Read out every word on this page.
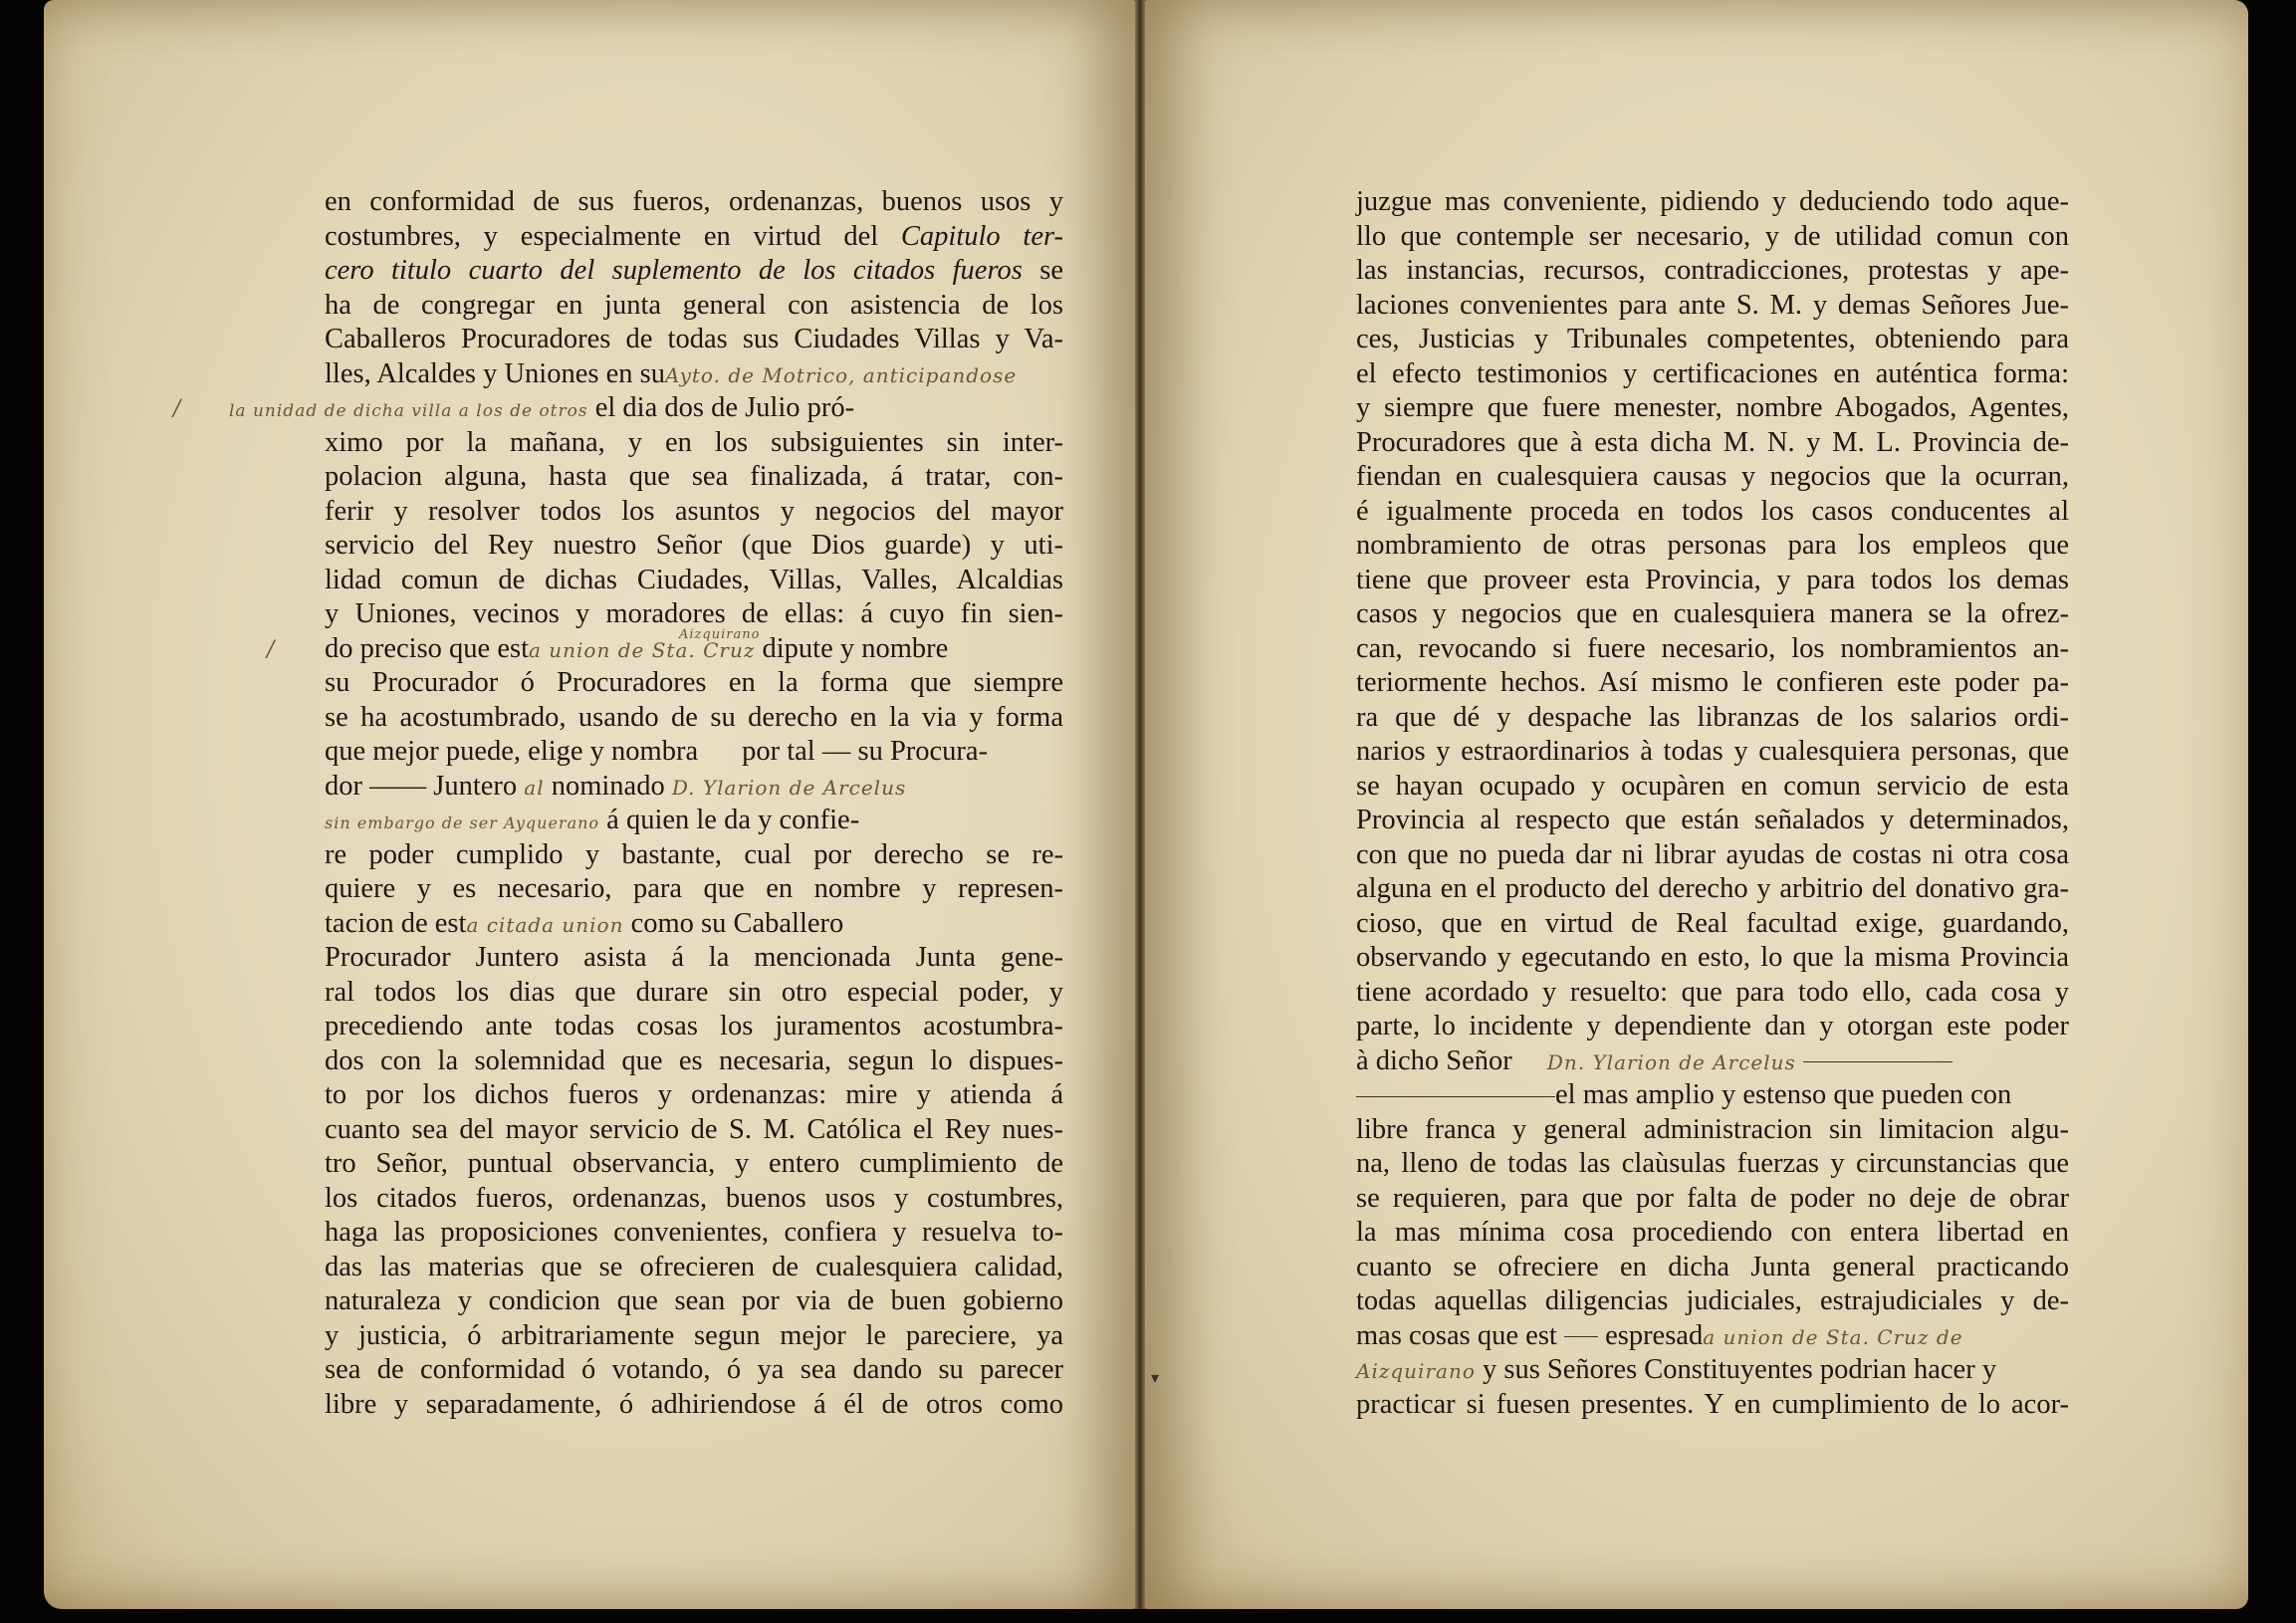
en conformidad de sus fueros, ordenanzas, buenos usos y
costumbres, y especialmente en virtud del Capitulo ter-
cero titulo cuarto del suplemento de los citados fueros se
ha de congregar en junta general con asistencia de los
Caballeros Procuradores de todas sus Ciudades Villas y Va-
lles, Alcaldes y Uniones en suAyto. de Motrico, anticipandose
la unidad de dicha villa a los de otros el dia dos de Julio pró-
ximo por la mañana, y en los subsiguientes sin inter-
polacion alguna, hasta que sea finalizada, á tratar, con-
ferir y resolver todos los asuntos y negocios del mayor
servicio del Rey nuestro Señor (que Dios guarde) y uti-
lidad comun de dichas Ciudades, Villas, Valles, Alcaldias
y Uniones, vecinos y moradores de ellas: á cuyo fin sien-
do preciso que esta union de Sta. Cruz
Aizquirano dipute y nombre
su Procurador ó Procuradores en la forma que siempre
se ha acostumbrado, usando de su derecho en la via y forma
que mejor puede, elige y nombra por tal — su Procura-
dor —— Juntero al nominado D. Ylarion de Arcelus
sin embargo de ser Ayquerano á quien le da y confie-
re poder cumplido y bastante, cual por derecho se re-
quiere y es necesario, para que en nombre y represen-
tacion de esta citada union como su Caballero
Procurador Juntero asista á la mencionada Junta gene-
ral todos los dias que durare sin otro especial poder, y
precediendo ante todas cosas los juramentos acostumbra-
dos con la solemnidad que es necesaria, segun lo dispues-
to por los dichos fueros y ordenanzas: mire y atienda á
cuanto sea del mayor servicio de S. M. Católica el Rey nues-
tro Señor, puntual observancia, y entero cumplimiento de
los citados fueros, ordenanzas, buenos usos y costumbres,
haga las proposiciones convenientes, confiera y resuelva to-
das las materias que se ofrecieren de cualesquiera calidad,
naturaleza y condicion que sean por via de buen gobierno
y justicia, ó arbitrariamente segun mejor le pareciere, ya
sea de conformidad ó votando, ó ya sea dando su parecer
libre y separadamente, ó adhiriendose á él de otros como
/
/
juzgue mas conveniente, pidiendo y deduciendo todo aque-
llo que contemple ser necesario, y de utilidad comun con
las instancias, recursos, contradicciones, protestas y ape-
laciones convenientes para ante S. M. y demas Señores Jue-
ces, Justicias y Tribunales competentes, obteniendo para
el efecto testimonios y certificaciones en auténtica forma:
y siempre que fuere menester, nombre Abogados, Agentes,
Procuradores que à esta dicha M. N. y M. L. Provincia de-
fiendan en cualesquiera causas y negocios que la ocurran,
é igualmente proceda en todos los casos conducentes al
nombramiento de otras personas para los empleos que
tiene que proveer esta Provincia, y para todos los demas
casos y negocios que en cualesquiera manera se la ofrez-
can, revocando si fuere necesario, los nombramientos an-
teriormente hechos. Así mismo le confieren este poder pa-
ra que dé y despache las libranzas de los salarios ordi-
narios y estraordinarios à todas y cualesquiera personas, que
se hayan ocupado y ocupàren en comun servicio de esta
Provincia al respecto que están señalados y determinados,
con que no pueda dar ni librar ayudas de costas ni otra cosa
alguna en el producto del derecho y arbitrio del donativo gra-
cioso, que en virtud de Real facultad exige, guardando,
observando y egecutando en esto, lo que la misma Provincia
tiene acordado y resuelto: que para todo ello, cada cosa y
parte, lo incidente y dependiente dan y otorgan este poder
à dicho Señor Dn. Ylarion de Arcelus
el mas amplio y estenso que pueden con
libre franca y general administracion sin limitacion algu-
na, lleno de todas las claùsulas fuerzas y circunstancias que
se requieren, para que por falta de poder no deje de obrar
la mas mínima cosa procediendo con entera libertad en
cuanto se ofreciere en dicha Junta general practicando
todas aquellas diligencias judiciales, estrajudiciales y de-
mas cosas que est espresada union de Sta. Cruz de
Aizquirano y sus Señores Constituyentes podrian hacer y
practicar si fuesen presentes. Y en cumplimiento de lo acor-
▾
